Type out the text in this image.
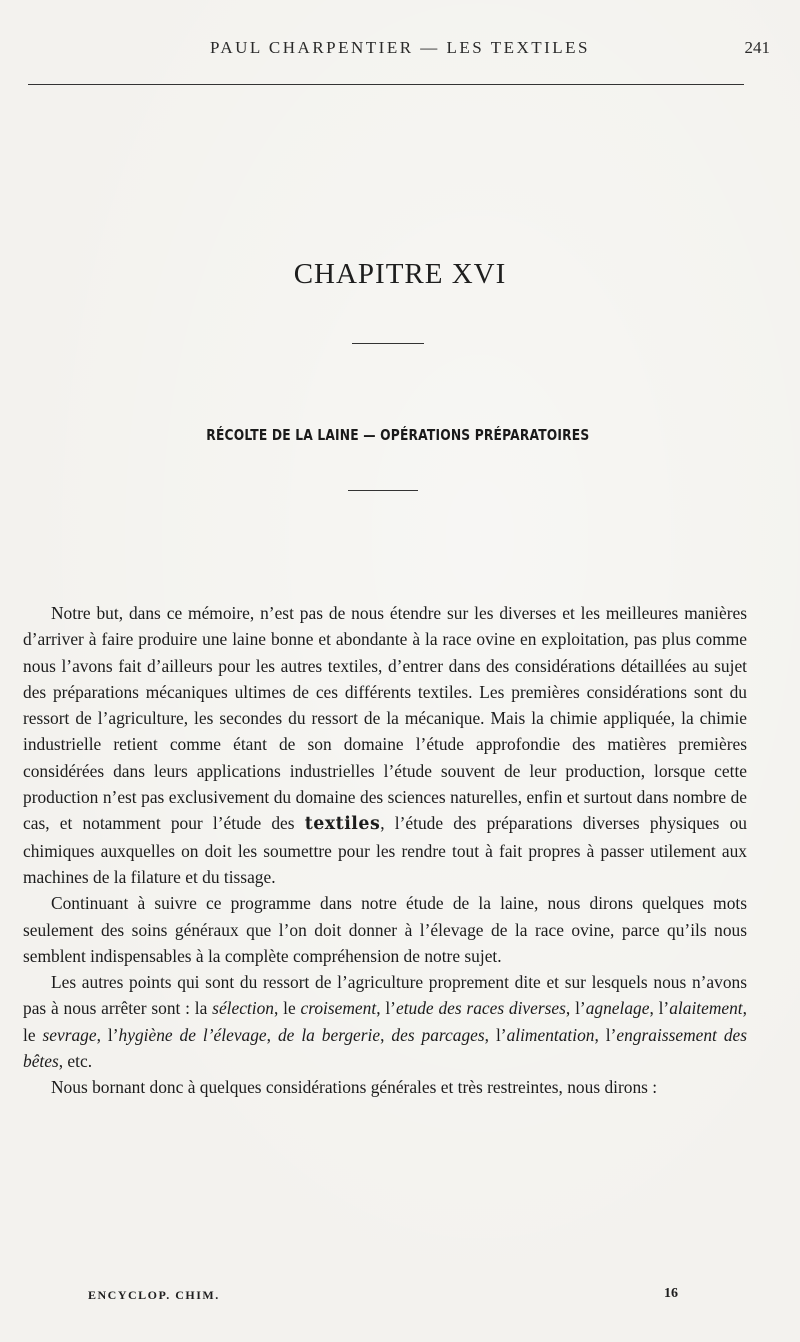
PAUL CHARPENTIER — LES TEXTILES	241
CHAPITRE XVI
RÉCOLTE DE LA LAINE — OPÉRATIONS PRÉPARATOIRES

Notre but, dans ce mémoire, n’est pas de nous étendre sur les diverses et les meilleures manières d’arriver à faire produire une laine bonne et abondante à la race ovine en exploitation, pas plus comme nous l’avons fait d’ailleurs pour les autres textiles, d’entrer dans des considérations détaillées au sujet des préparations mécaniques ultimes de ces différents textiles. Les premières considérations sont du ressort de l’agriculture, les secondes du ressort de la mécanique. Mais la chimie appliquée, la chimie industrielle retient comme étant de son domaine l’étude approfondie des matières premières considérées dans leurs applications industrielles l’étude souvent de leur production, lorsque cette production n’est pas exclusivement du domaine des sciences naturelles, enfin et surtout dans nombre de cas, et notamment pour l’étude des textiles, l’étude des préparations diverses physiques ou chimiques auxquelles on doit les soumettre pour les rendre tout à fait propres à passer utilement aux machines de la filature et du tissage.

Continuant à suivre ce programme dans notre étude de la laine, nous dirons quelques mots seulement des soins généraux que l’on doit donner à l’élevage de la race ovine, parce qu’ils nous semblent indispensables à la complète compréhension de notre sujet.

Les autres points qui sont du ressort de l’agriculture proprement dite et sur lesquels nous n’avons pas à nous arrêter sont : la sélection, le croisement, l’etude des races diverses, l’agnelage, l’alaitement, le sevrage, l’hygiène de l’élevage, de la bergerie, des parcages, l’alimentation, l’engraissement des bêtes, etc.

Nous bornant donc à quelques considérations générales et très restreintes, nous dirons :

ENCYCLOP. CHIM.	16
